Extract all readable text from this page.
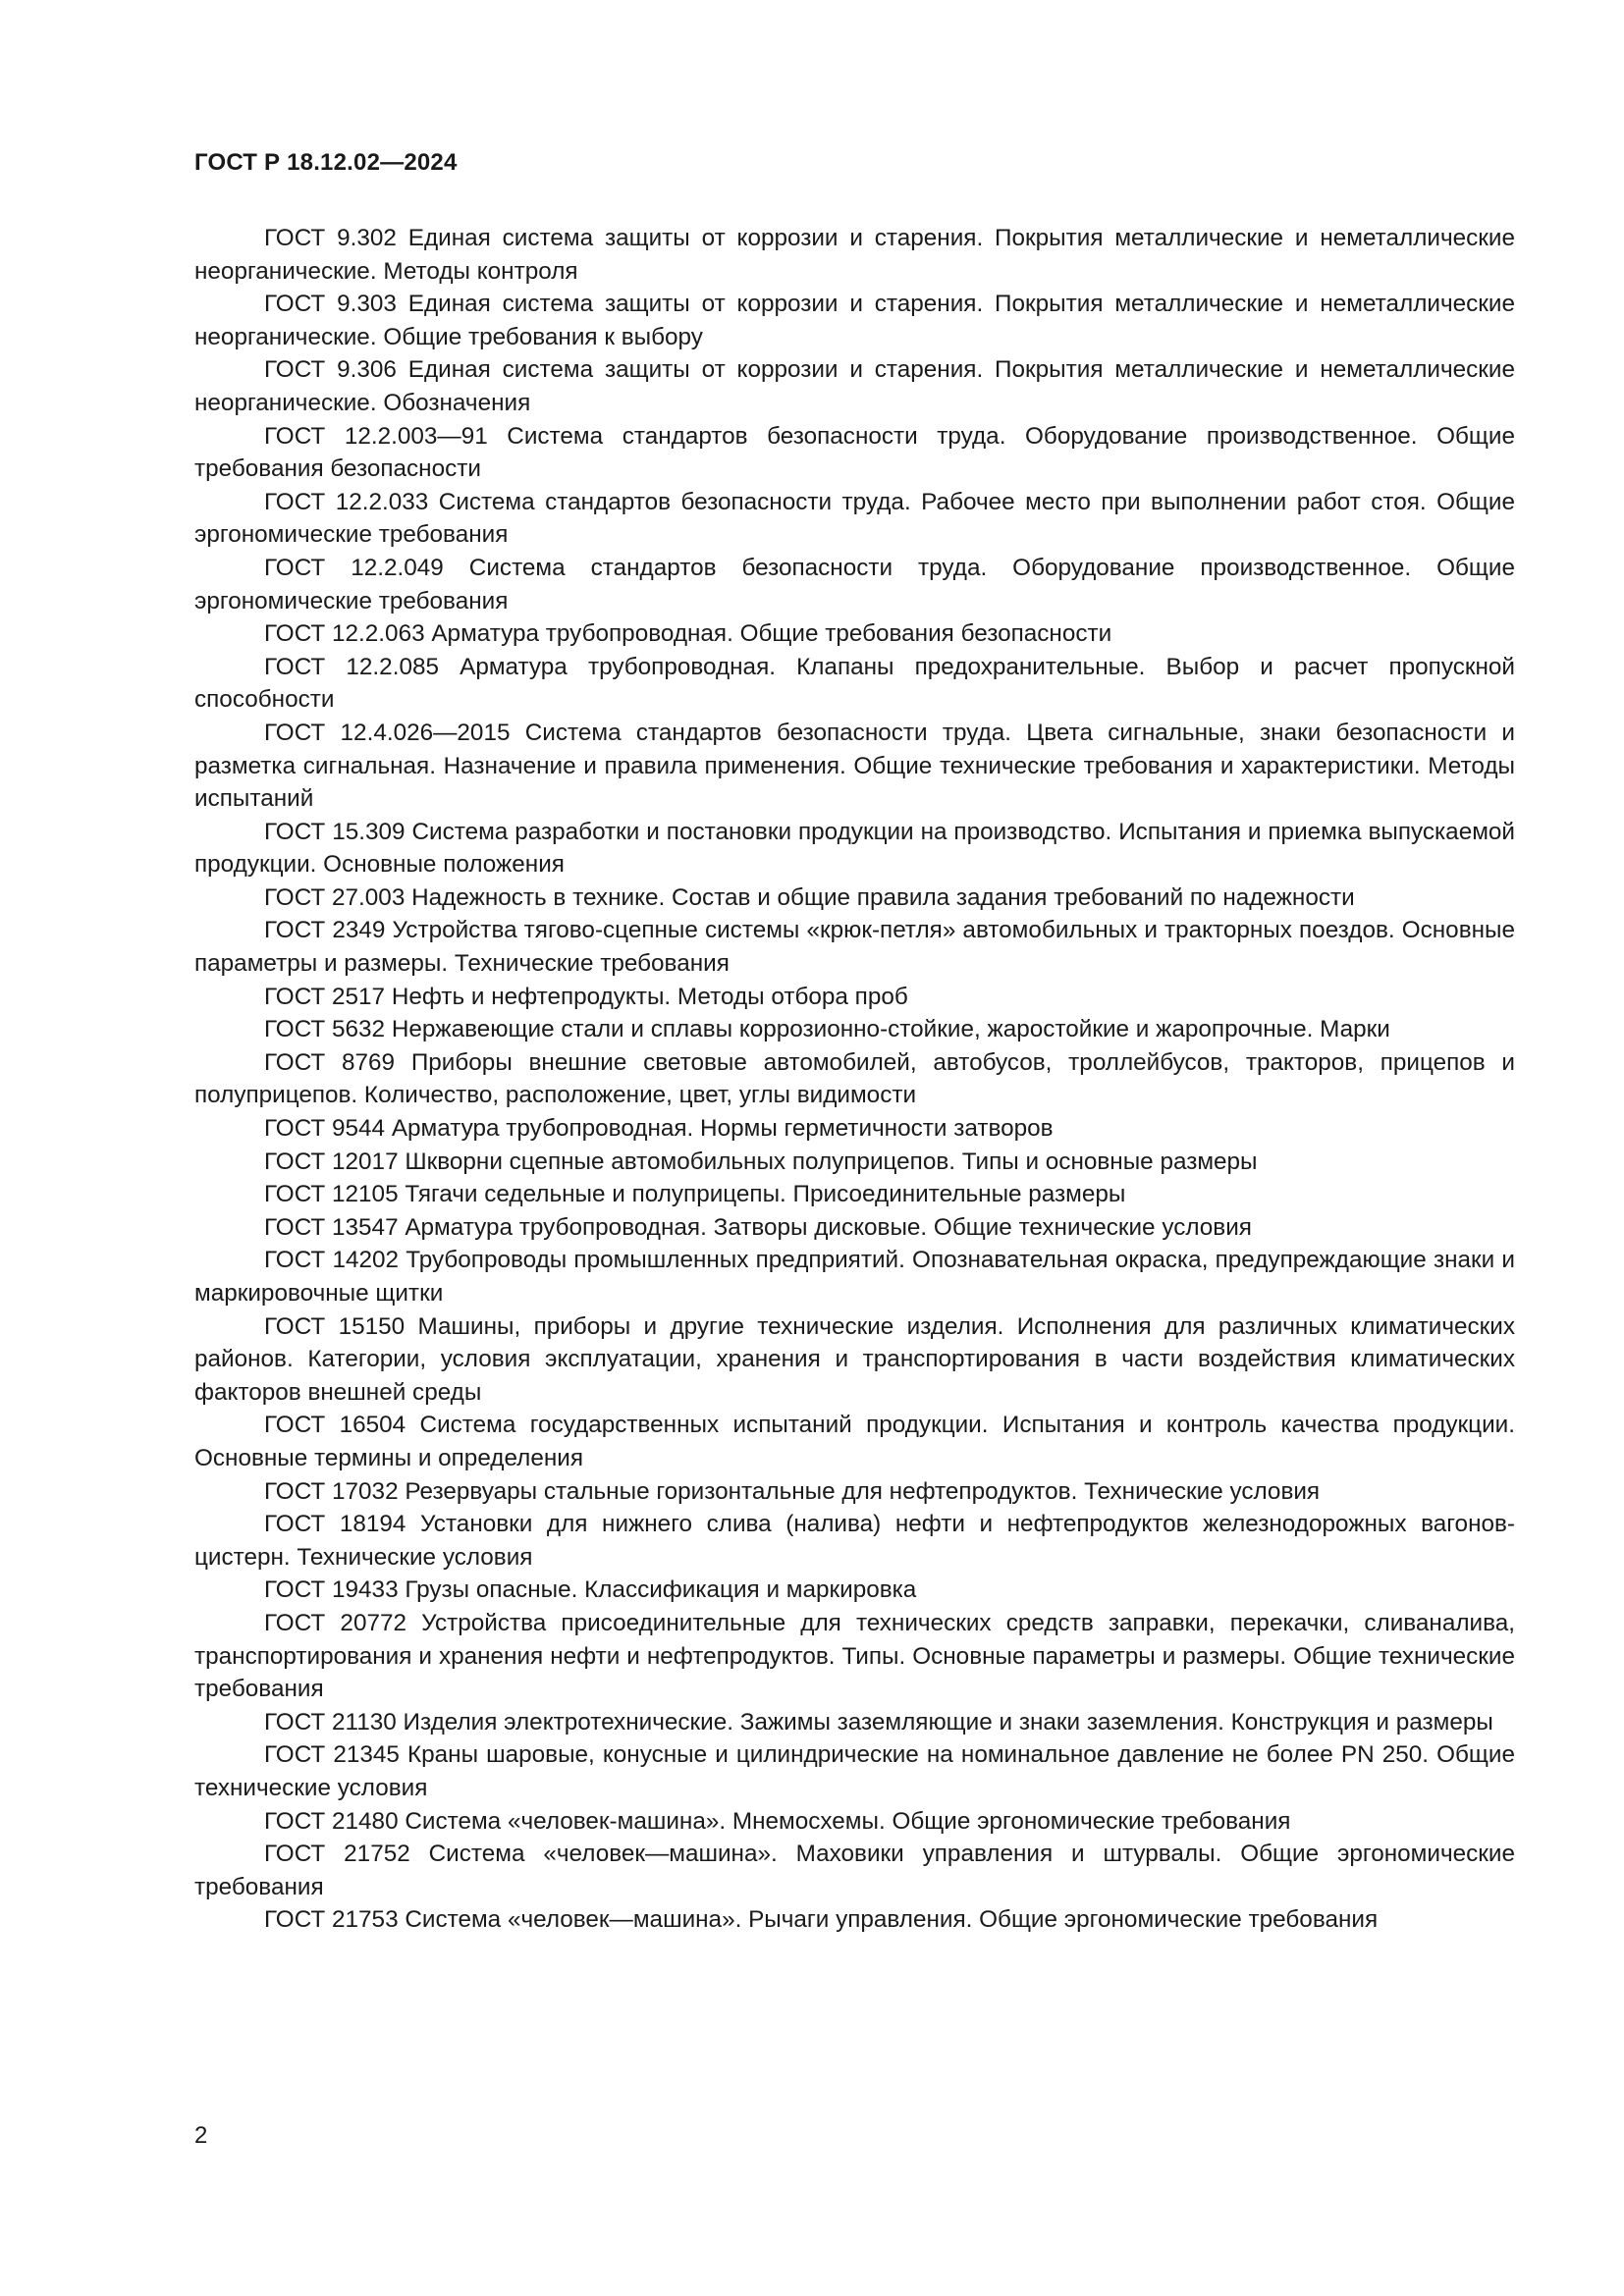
ГОСТ Р 18.12.02—2024
ГОСТ 9.302 Единая система защиты от коррозии и старения. Покрытия металлические и неметаллические неорганические. Методы контроля
ГОСТ 9.303 Единая система защиты от коррозии и старения. Покрытия металлические и неметаллические неорганические. Общие требования к выбору
ГОСТ 9.306 Единая система защиты от коррозии и старения. Покрытия металлические и неметаллические неорганические. Обозначения
ГОСТ 12.2.003—91 Система стандартов безопасности труда. Оборудование производственное. Общие требования безопасности
ГОСТ 12.2.033 Система стандартов безопасности труда. Рабочее место при выполнении работ стоя. Общие эргономические требования
ГОСТ 12.2.049 Система стандартов безопасности труда. Оборудование производственное. Общие эргономические требования
ГОСТ 12.2.063 Арматура трубопроводная. Общие требования безопасности
ГОСТ 12.2.085 Арматура трубопроводная. Клапаны предохранительные. Выбор и расчет пропускной способности
ГОСТ 12.4.026—2015 Система стандартов безопасности труда. Цвета сигнальные, знаки безопасности и разметка сигнальная. Назначение и правила применения. Общие технические требования и характеристики. Методы испытаний
ГОСТ 15.309 Система разработки и постановки продукции на производство. Испытания и приемка выпускаемой продукции. Основные положения
ГОСТ 27.003 Надежность в технике. Состав и общие правила задания требований по надежности
ГОСТ 2349 Устройства тягово-сцепные системы «крюк-петля» автомобильных и тракторных поездов. Основные параметры и размеры. Технические требования
ГОСТ 2517 Нефть и нефтепродукты. Методы отбора проб
ГОСТ 5632 Нержавеющие стали и сплавы коррозионно-стойкие, жаростойкие и жаропрочные. Марки
ГОСТ 8769 Приборы внешние световые автомобилей, автобусов, троллейбусов, тракторов, прицепов и полуприцепов. Количество, расположение, цвет, углы видимости
ГОСТ 9544 Арматура трубопроводная. Нормы герметичности затворов
ГОСТ 12017 Шкворни сцепные автомобильных полуприцепов. Типы и основные размеры
ГОСТ 12105 Тягачи седельные и полуприцепы. Присоединительные размеры
ГОСТ 13547 Арматура трубопроводная. Затворы дисковые. Общие технические условия
ГОСТ 14202 Трубопроводы промышленных предприятий. Опознавательная окраска, предупреждающие знаки и маркировочные щитки
ГОСТ 15150 Машины, приборы и другие технические изделия. Исполнения для различных климатических районов. Категории, условия эксплуатации, хранения и транспортирования в части воздействия климатических факторов внешней среды
ГОСТ 16504 Система государственных испытаний продукции. Испытания и контроль качества продукции. Основные термины и определения
ГОСТ 17032 Резервуары стальные горизонтальные для нефтепродуктов. Технические условия
ГОСТ 18194 Установки для нижнего слива (налива) нефти и нефтепродуктов железнодорожных вагонов-цистерн. Технические условия
ГОСТ 19433 Грузы опасные. Классификация и маркировка
ГОСТ 20772 Устройства присоединительные для технических средств заправки, перекачки, сливаналива, транспортирования и хранения нефти и нефтепродуктов. Типы. Основные параметры и размеры. Общие технические требования
ГОСТ 21130 Изделия электротехнические. Зажимы заземляющие и знаки заземления. Конструкция и размеры
ГОСТ 21345 Краны шаровые, конусные и цилиндрические на номинальное давление не более PN 250. Общие технические условия
ГОСТ 21480 Система «человек-машина». Мнемосхемы. Общие эргономические требования
ГОСТ 21752 Система «человек—машина». Маховики управления и штурвалы. Общие эргономические требования
ГОСТ 21753 Система «человек—машина». Рычаги управления. Общие эргономические требования

2
